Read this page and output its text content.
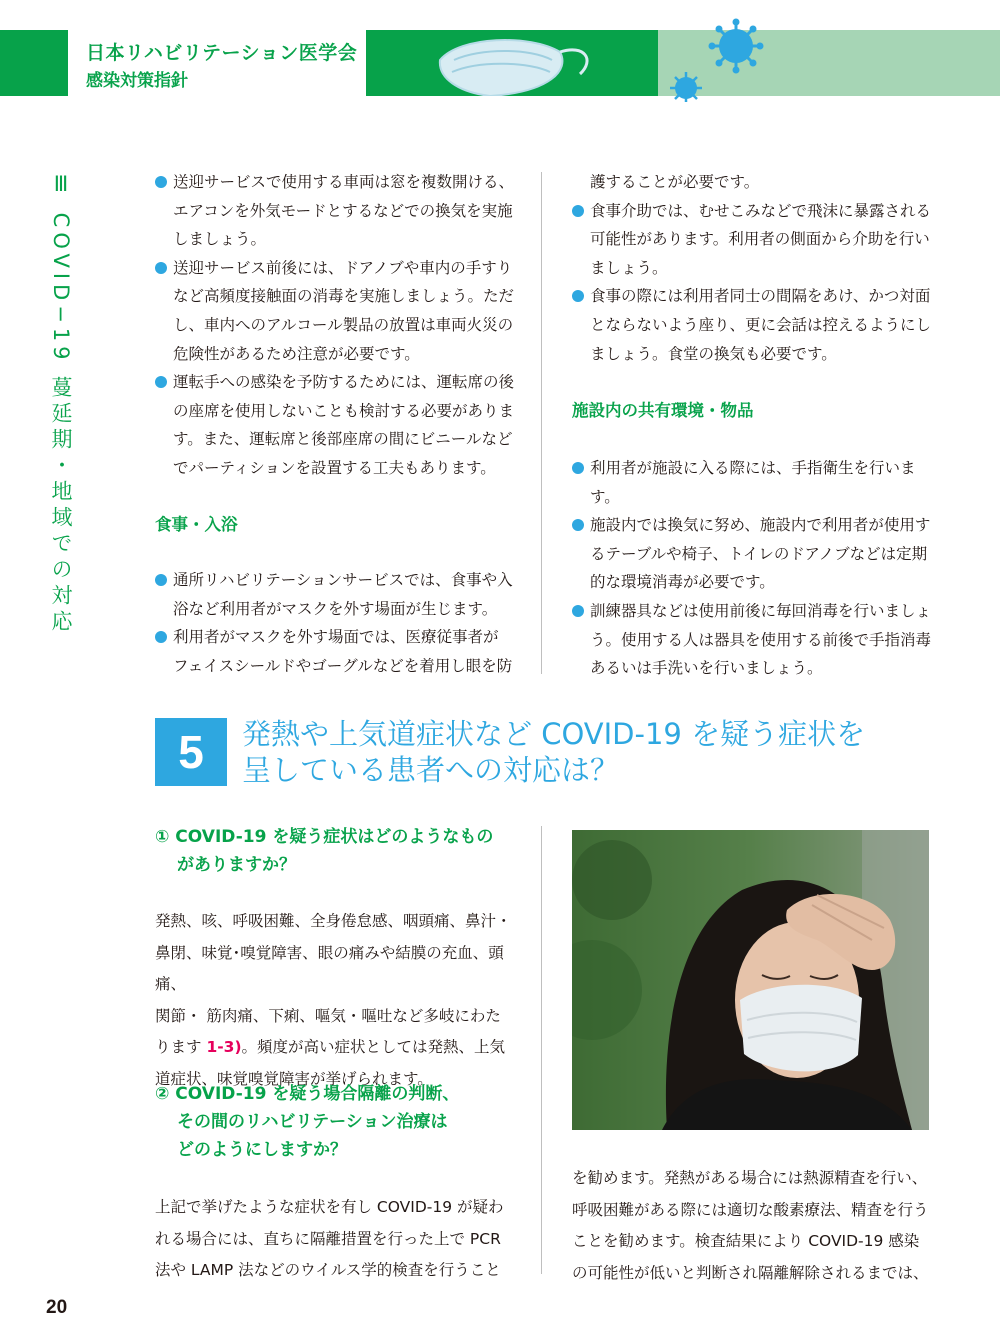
日本リハビリテーション医学会
感染対策指針
Ⅲ COVID−19 蔓延期・地域での対応	送迎サービスで使用する車両は窓を複数開ける、
エアコンを外気モードとするなどでの換気を実施
しましょう。
送迎サービス前後には、ドアノブや車内の手すり
など高頻度接触面の消毒を実施しましょう。ただ
し、車内へのアルコール製品の放置は車両火災の
危険性があるため注意が必要です。
運転手への感染を予防するためには、運転席の後
の座席を使用しないことも検討する必要がありま
す。また、運転席と後部座席の間にビニールなど
でパーティションを設置する工夫もあります。
食事・入浴
通所リハビリテーションサービスでは、食事や入
浴など利用者がマスクを外す場面が生じます。
利用者がマスクを外す場面では、医療従事者が
フェイスシールドやゴーグルなどを着用し眼を防
護することが必要です。
食事介助では、むせこみなどで飛沫に暴露される
可能性があります。利用者の側面から介助を行い
ましょう。
食事の際には利用者同士の間隔をあけ、かつ対面
とならないよう座り、更に会話は控えるようにし
ましょう。食堂の換気も必要です。
施設内の共有環境・物品
利用者が施設に入る際には、手指衛生を行います。
施設内では換気に努め、施設内で利用者が使用す
るテーブルや椅子、トイレのドアノブなどは定期
的な環境消毒が必要です。
訓練器具などは使用前後に毎回消毒を行いましょ
う。使用する人は器具を使用する前後で手指消毒
あるいは手洗いを行いましょう。
5	発熱や上気道症状など COVID-19 を疑う症状を
呈している患者への対応は？
① COVID-19 を疑う症状はどのようなもの
がありますか？
発熱、咳、呼吸困難、全身倦怠感、咽頭痛、鼻汁・
鼻閉、味覚･嗅覚障害、眼の痛みや結膜の充血、頭痛、
関節・ 筋肉痛、下痢、嘔気・嘔吐など多岐にわた
ります 1-3)。頻度が高い症状としては発熱、上気
道症状、味覚嗅覚障害が挙げられます。
② COVID-19 を疑う場合隔離の判断、
その間のリハビリテーション治療は
どのようにしますか？
上記で挙げたような症状を有し COVID-19 が疑わ
れる場合には、直ちに隔離措置を行った上で PCR
法や LAMP 法などのウイルス学的検査を行うこと
を勧めます。発熱がある場合には熱源精査を行い、
呼吸困難がある際には適切な酸素療法、精査を行う
ことを勧めます。検査結果により COVID-19 感染
の可能性が低いと判断され隔離解除されるまでは、
20
